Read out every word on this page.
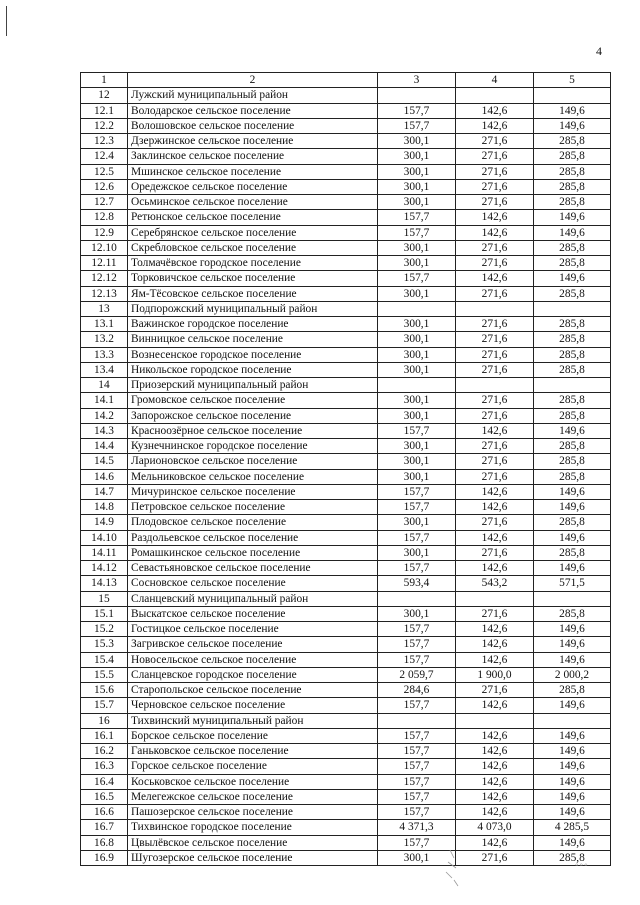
4
1	2	3	4	5
12	Лужский муниципальный район			
12.1	Володарское сельское поселение	157,7	142,6	149,6
12.2	Волошовское сельское поселение	157,7	142,6	149,6
12.3	Дзержинское сельское поселение	300,1	271,6	285,8
12.4	Заклинское сельское поселение	300,1	271,6	285,8
12.5	Мшинское сельское поселение	300,1	271,6	285,8
12.6	Оредежское сельское поселение	300,1	271,6	285,8
12.7	Осьминское сельское поселение	300,1	271,6	285,8
12.8	Ретюнское сельское поселение	157,7	142,6	149,6
12.9	Серебрянское сельское поселение	157,7	142,6	149,6
12.10	Скребловское сельское поселение	300,1	271,6	285,8
12.11	Толмачёвское городское поселение	300,1	271,6	285,8
12.12	Торковичское сельское поселение	157,7	142,6	149,6
12.13	Ям-Тёсовское сельское поселение	300,1	271,6	285,8
13	Подпорожский муниципальный район			
13.1	Важинское городское поселение	300,1	271,6	285,8
13.2	Винницкое сельское поселение	300,1	271,6	285,8
13.3	Вознесенское городское поселение	300,1	271,6	285,8
13.4	Никольское городское поселение	300,1	271,6	285,8
14	Приозерский муниципальный район			
14.1	Громовское сельское поселение	300,1	271,6	285,8
14.2	Запорожское сельское поселение	300,1	271,6	285,8
14.3	Красноозёрное сельское поселение	157,7	142,6	149,6
14.4	Кузнечнинское городское поселение	300,1	271,6	285,8
14.5	Ларионовское сельское поселение	300,1	271,6	285,8
14.6	Мельниковское сельское поселение	300,1	271,6	285,8
14.7	Мичуринское сельское поселение	157,7	142,6	149,6
14.8	Петровское сельское поселение	157,7	142,6	149,6
14.9	Плодовское сельское поселение	300,1	271,6	285,8
14.10	Раздольевское сельское поселение	157,7	142,6	149,6
14.11	Ромашкинское сельское поселение	300,1	271,6	285,8
14.12	Севастьяновское сельское поселение	157,7	142,6	149,6
14.13	Сосновское сельское поселение	593,4	543,2	571,5
15	Сланцевский муниципальный район			
15.1	Выскатское сельское поселение	300,1	271,6	285,8
15.2	Гостицкое сельское поселение	157,7	142,6	149,6
15.3	Загривское сельское поселение	157,7	142,6	149,6
15.4	Новосельское сельское поселение	157,7	142,6	149,6
15.5	Сланцевское городское поселение	2 059,7	1 900,0	2 000,2
15.6	Старопольское сельское поселение	284,6	271,6	285,8
15.7	Черновское сельское поселение	157,7	142,6	149,6
16	Тихвинский муниципальный район			
16.1	Борское сельское поселение	157,7	142,6	149,6
16.2	Ганьковское сельское поселение	157,7	142,6	149,6
16.3	Горское сельское поселение	157,7	142,6	149,6
16.4	Коськовское сельское поселение	157,7	142,6	149,6
16.5	Мелегежское сельское поселение	157,7	142,6	149,6
16.6	Пашозерское сельское поселение	157,7	142,6	149,6
16.7	Тихвинское городское поселение	4 371,3	4 073,0	4 285,5
16.8	Цвылёвское сельское поселение	157,7	142,6	149,6
16.9	Шугозерское сельское поселение	300,1	271,6	285,8
◦◦◦
